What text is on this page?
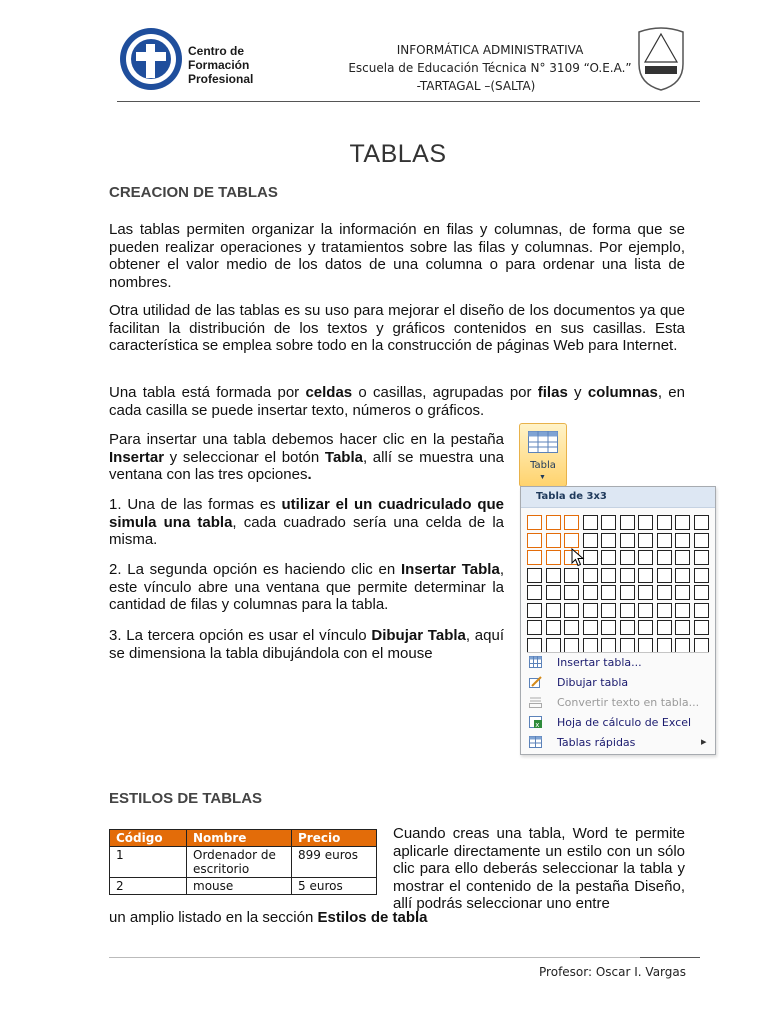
Centro de
Formación Profesional
INFORMÁTICA ADMINISTRATIVA
Escuela de Educación Técnica N° 3109 “O.E.A.”
-TARTAGAL –(SALTA)
TABLAS
CREACION DE TABLAS
Las tablas permiten organizar la información en filas y columnas, de forma que se pueden realizar operaciones y tratamientos sobre las filas y columnas. Por ejemplo, obtener el valor medio de los datos de una columna o para ordenar una lista de nombres.
Otra utilidad de las tablas es su uso para mejorar el diseño de los documentos ya que facilitan la distribución de los textos y gráficos contenidos en sus casillas. Esta característica se emplea sobre todo en la construcción de páginas Web para Internet.
Una tabla está formada por celdas o casillas, agrupadas por filas y columnas, en cada casilla se puede insertar texto, números o gráficos.
Para insertar una tabla debemos hacer clic en la pestaña Insertar y seleccionar el botón Tabla, allí se muestra una ventana con las tres opciones.
1. Una de las formas es utilizar el un cuadriculado que simula una tabla, cada cuadrado sería una celda de la misma.
2. La segunda opción es haciendo clic en Insertar Tabla, este vínculo abre una ventana que permite determinar la cantidad de filas y columnas para la tabla.
3. La tercera opción es usar el vínculo Dibujar Tabla, aquí se dimensiona la tabla dibujándola con el mouse
Tabla
▼
Tabla de 3x3
Insertar tabla...
Dibujar tabla
Convertir texto en tabla...
x Hoja de cálculo de Excel
Tablas rápidas	▸
ESTILOS DE TABLAS
Código	Nombre	Precio
1	Ordenador de escritorio	899 euros
2	mouse	5 euros
Cuando creas una tabla, Word te permite aplicarle directamente un estilo con un sólo clic para ello deberás seleccionar la tabla y mostrar el contenido de la pestaña Diseño, allí podrás seleccionar uno entre
un amplio listado en la sección Estilos de tabla
Profesor: Oscar I. Vargas
